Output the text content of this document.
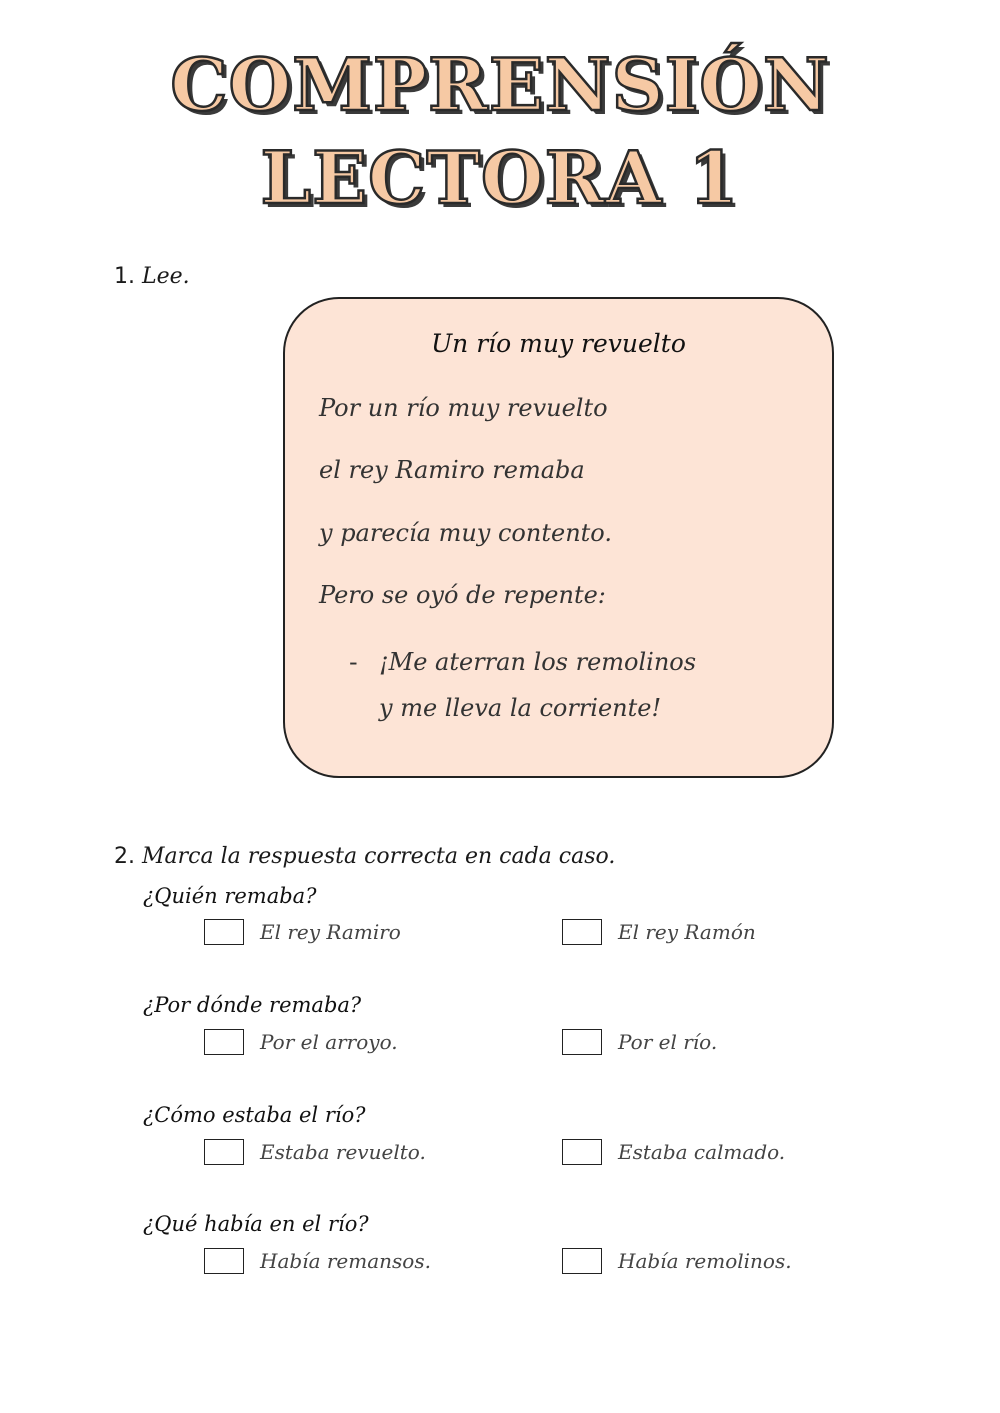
COMPRENSIÓN
LECTORA 1
1. Lee.
Un río muy revuelto
Por un río muy revuelto
el rey Ramiro remaba
y parecía muy contento.
Pero se oyó de repente:
- ¡Me aterran los remolinos
y me lleva la corriente!
2. Marca la respuesta correcta en cada caso.
¿Quién remaba?
El rey Ramiro	El rey Ramón
¿Por dónde remaba?
Por el arroyo.	Por el río.
¿Cómo estaba el río?
Estaba revuelto.	Estaba calmado.
¿Qué había en el río?
Había remansos.	Había remolinos.
